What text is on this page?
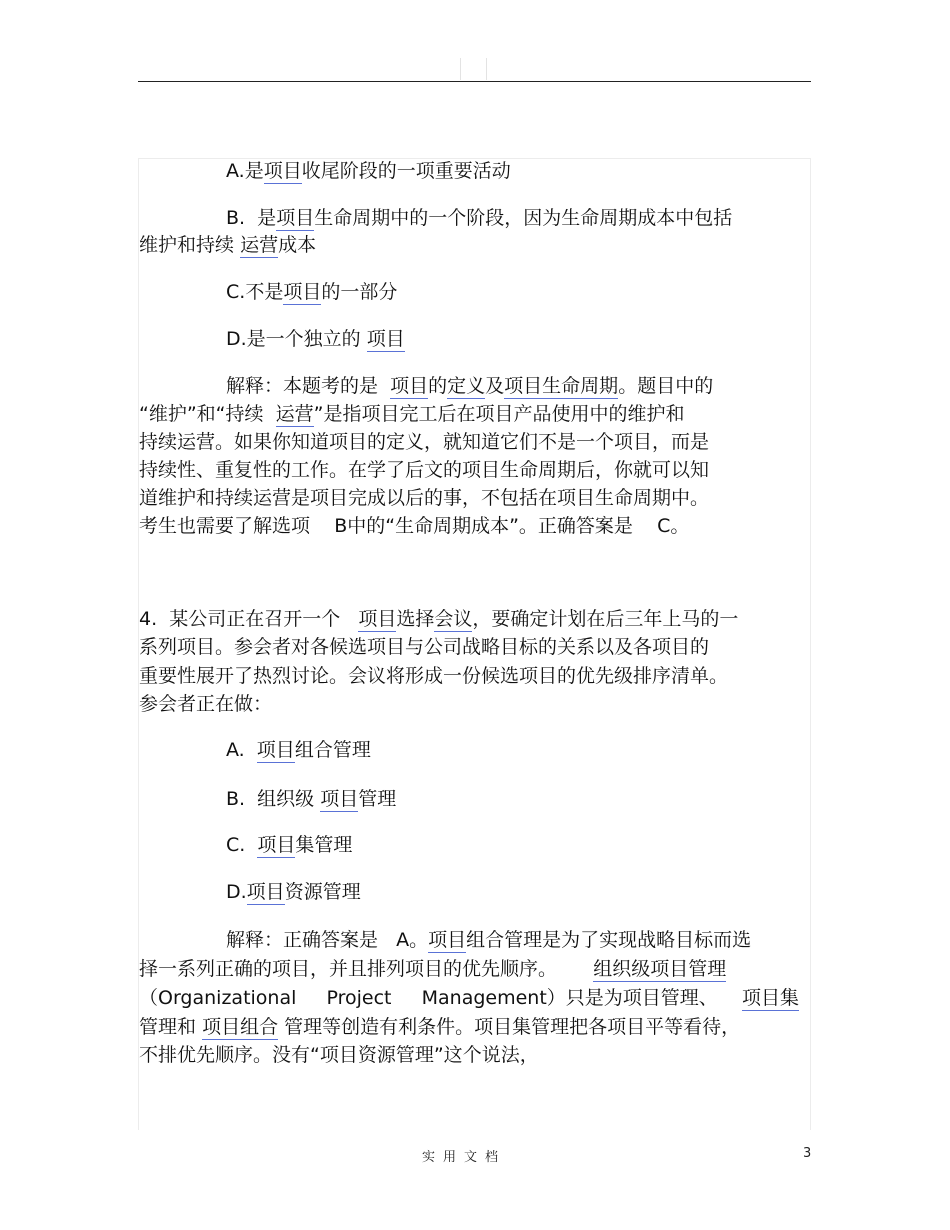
A.是项目收尾阶段的一项重要活动
B. 是项目生命周期中的一个阶段，因为生命周期成本中包括
维护和持续 运营成本
C.不是项目的一部分
D.是一个独立的 项目
解释：本题考的是 项目的定义及项目生命周期。题目中的
“维护”和“持续 运营”是指项目完工后在项目产品使用中的维护和
持续运营。如果你知道项目的定义，就知道它们不是一个项目，而是
持续性、重复性的工作。在学了后文的项目生命周期后，你就可以知
道维护和持续运营是项目完成以后的事，不包括在项目生命周期中。
考生也需要了解选项 B中的“生命周期成本”。正确答案是 C。
4. 某公司正在召开一个 项目选择会议，要确定计划在后三年上马的一
系列项目。参会者对各候选项目与公司战略目标的关系以及各项目的
重要性展开了热烈讨论。会议将形成一份候选项目的优先级排序清单。
参会者正在做：
A. 项目组合管理
B. 组织级 项目管理
C. 项目集管理
D.项目资源管理
解释：正确答案是 A。项目组合管理是为了实现战略目标而选
择一系列正确的项目，并且排列项目的优先顺序。 组织级项目管理
（Organizational Project Management）只是为项目管理、 项目集
管理和 项目组合 管理等创造有利条件。项目集管理把各项目平等看待，
不排优先顺序。没有“项目资源管理”这个说法，
实用文档	3
